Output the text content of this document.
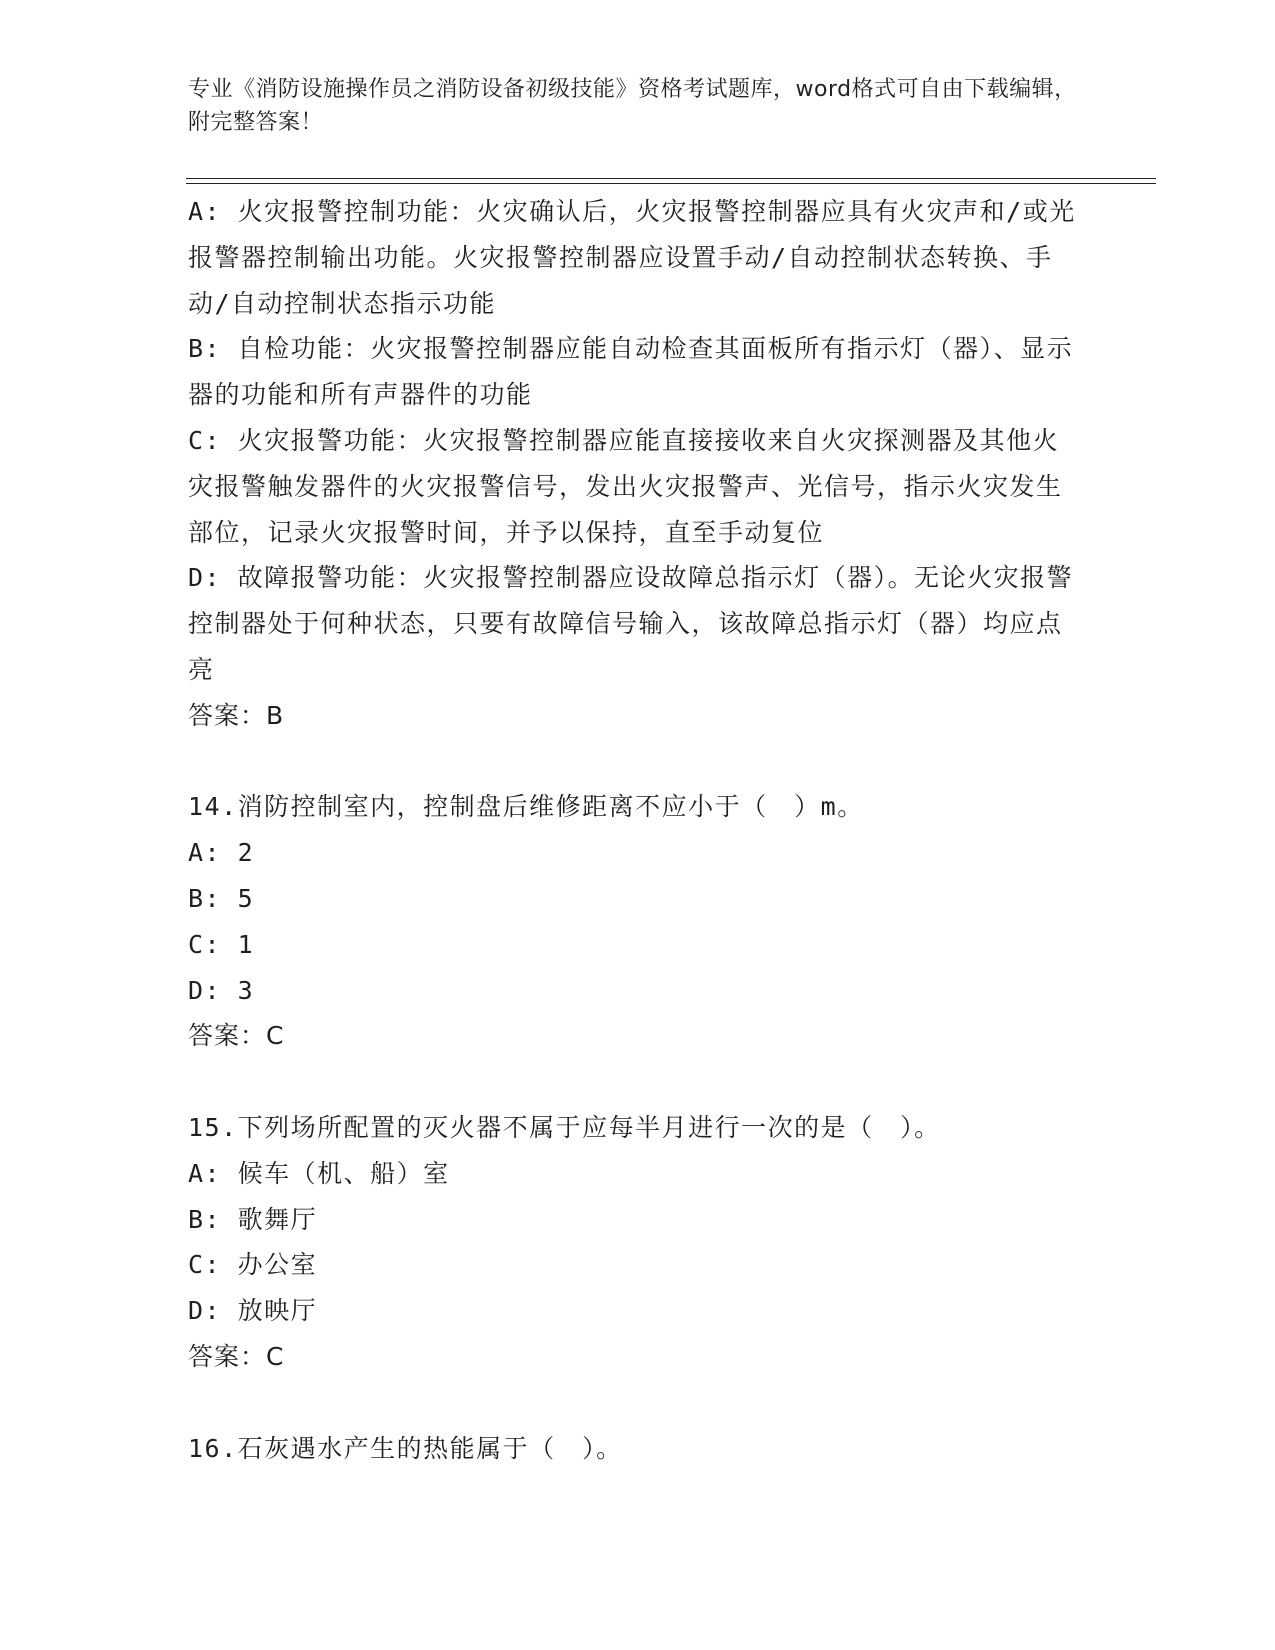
专业《消防设施操作员之消防设备初级技能》资格考试题库，word格式可自由下载编辑，附完整答案！
A: 火灾报警控制功能：火灾确认后，火灾报警控制器应具有火灾声和/或光报警器控制输出功能。火灾报警控制器应设置手动/自动控制状态转换、手动/自动控制状态指示功能
B: 自检功能：火灾报警控制器应能自动检查其面板所有指示灯（器）、显示器的功能和所有声器件的功能
C: 火灾报警功能：火灾报警控制器应能直接接收来自火灾探测器及其他火灾报警触发器件的火灾报警信号，发出火灾报警声、光信号，指示火灾发生部位，记录火灾报警时间，并予以保持，直至手动复位
D: 故障报警功能：火灾报警控制器应设故障总指示灯（器）。无论火灾报警控制器处于何种状态，只要有故障信号输入，该故障总指示灯（器）均应点亮
答案：B
14.消防控制室内，控制盘后维修距离不应小于（　）m。
A: 2
B: 5
C: 1
D: 3
答案：C
15.下列场所配置的灭火器不属于应每半月进行一次的是（　）。
A: 候车（机、船）室
B: 歌舞厅
C: 办公室
D: 放映厅
答案：C
16.石灰遇水产生的热能属于（　）。
